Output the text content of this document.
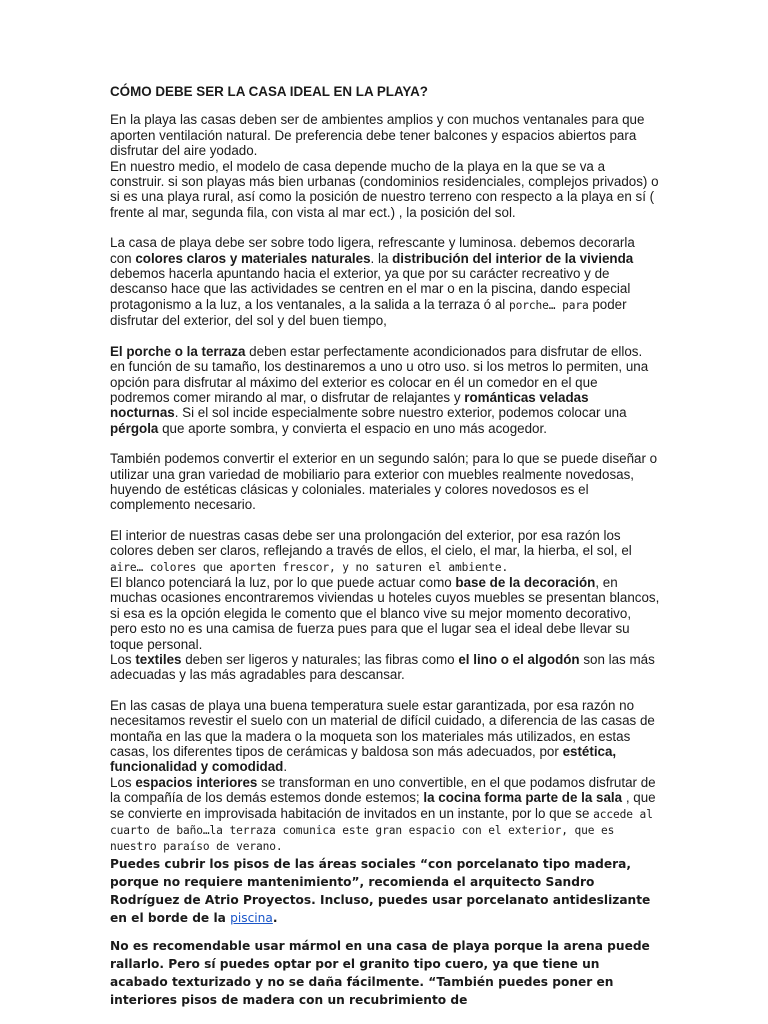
CÓMO DEBE SER LA CASA IDEAL EN LA PLAYA?

En la playa las casas deben ser de ambientes amplios y con muchos ventanales para que aporten ventilación natural. De preferencia debe tener balcones y espacios abiertos para disfrutar del aire yodado.

En nuestro medio, el modelo de casa depende mucho de la playa en la que se va a construir. si son playas más bien urbanas (condominios residenciales, complejos privados) o si es una playa rural, así como la posición de nuestro terreno con respecto a la playa en sí ( frente al mar, segunda fila, con vista al mar ect.) , la posición del sol.

La casa de playa debe ser sobre todo ligera, refrescante y luminosa. debemos decorarla con colores claros y materiales naturales. la distribución del interior de la vivienda debemos hacerla apuntando hacia el exterior, ya que por su carácter recreativo y de descanso hace que las actividades se centren en el mar o en la piscina, dando especial protagonismo a la luz, a los ventanales, a la salida a la terraza ó al porche… para poder disfrutar del exterior, del sol y del buen tiempo,

El porche o la terraza deben estar perfectamente acondicionados para disfrutar de ellos. en función de su tamaño, los destinaremos a uno u otro uso. si los metros lo permiten, una opción para disfrutar al máximo del exterior es colocar en él un comedor en el que podremos comer mirando al mar, o disfrutar de relajantes y románticas veladas nocturnas. Si el sol incide especialmente sobre nuestro exterior, podemos colocar una pérgola que aporte sombra, y convierta el espacio en uno más acogedor.

También podemos convertir el exterior en un segundo salón; para lo que se puede diseñar o utilizar una gran variedad de mobiliario para exterior con muebles realmente novedosas, huyendo de estéticas clásicas y coloniales. materiales y colores novedosos es el complemento necesario.

El interior de nuestras casas debe ser una prolongación del exterior, por esa razón los colores deben ser claros, reflejando a través de ellos, el cielo, el mar, la hierba, el sol, el aire… colores que aporten frescor, y no saturen el ambiente.

El blanco potenciará la luz, por lo que puede actuar como base de la decoración, en muchas ocasiones encontraremos viviendas u hoteles cuyos muebles se presentan blancos, si esa es la opción elegida le comento que el blanco vive su mejor momento decorativo, pero esto no es una camisa de fuerza pues para que el lugar sea el ideal debe llevar su toque personal.

Los textiles deben ser ligeros y naturales; las fibras como el lino o el algodón son las más adecuadas y las más agradables para descansar.

En las casas de playa una buena temperatura suele estar garantizada, por esa razón no necesitamos revestir el suelo con un material de difícil cuidado, a diferencia de las casas de montaña en las que la madera o la moqueta son los materiales más utilizados, en estas casas, los diferentes tipos de cerámicas y baldosa son más adecuados, por estética, funcionalidad y comodidad.

Los espacios interiores se transforman en uno convertible, en el que podamos disfrutar de la compañía de los demás estemos donde estemos; la cocina forma parte de la sala , que se convierte en improvisada habitación de invitados en un instante, por lo que se accede al cuarto de baño…la terraza comunica este gran espacio con el exterior, que es nuestro paraíso de verano.

Puedes cubrir los pisos de las áreas sociales “con porcelanato tipo madera, porque no requiere mantenimiento”, recomienda el arquitecto Sandro Rodríguez de Atrio Proyectos. Incluso, puedes usar porcelanato antideslizante en el borde de la piscina.

No es recomendable usar mármol en una casa de playa porque la arena puede rallarlo. Pero sí puedes optar por el granito tipo cuero, ya que tiene un acabado texturizado y no se daña fácilmente. “También puedes poner en interiores pisos de madera con un recubrimiento de
